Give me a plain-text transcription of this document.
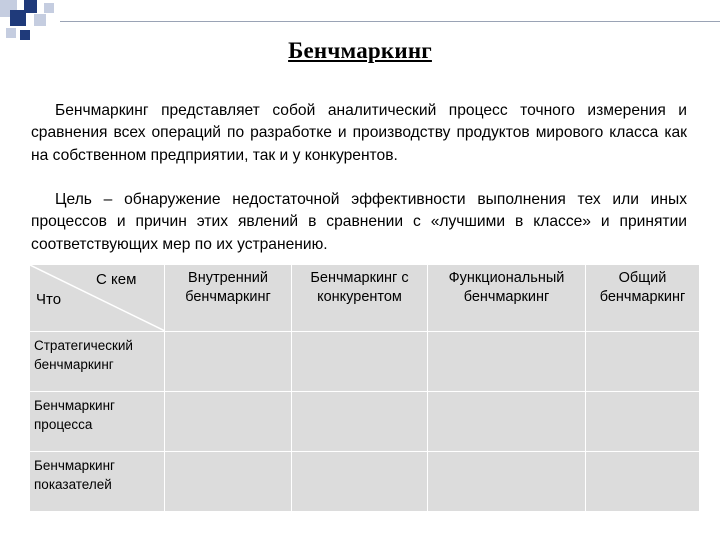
Бенчмаркинг

Бенчмаркинг представляет собой аналитический процесс точного измерения и сравнения всех операций по разработке и производству продуктов мирового класса как на собственном предприятии, так и у конкурентов.

Цель – обнаружение недостаточной эффективности выполнения тех или иных процессов и причин этих явлений в сравнении с «лучшими в классе» и принятии соответствующих мер по их устранению.

С кем
Что	Внутренний бенчмаркинг	Бенчмаркинг с конкурентом	Функциональный бенчмаркинг	Общий бенчмаркинг
Стратегический бенчмаркинг				
Бенчмаркинг процесса				
Бенчмаркинг показателей				
